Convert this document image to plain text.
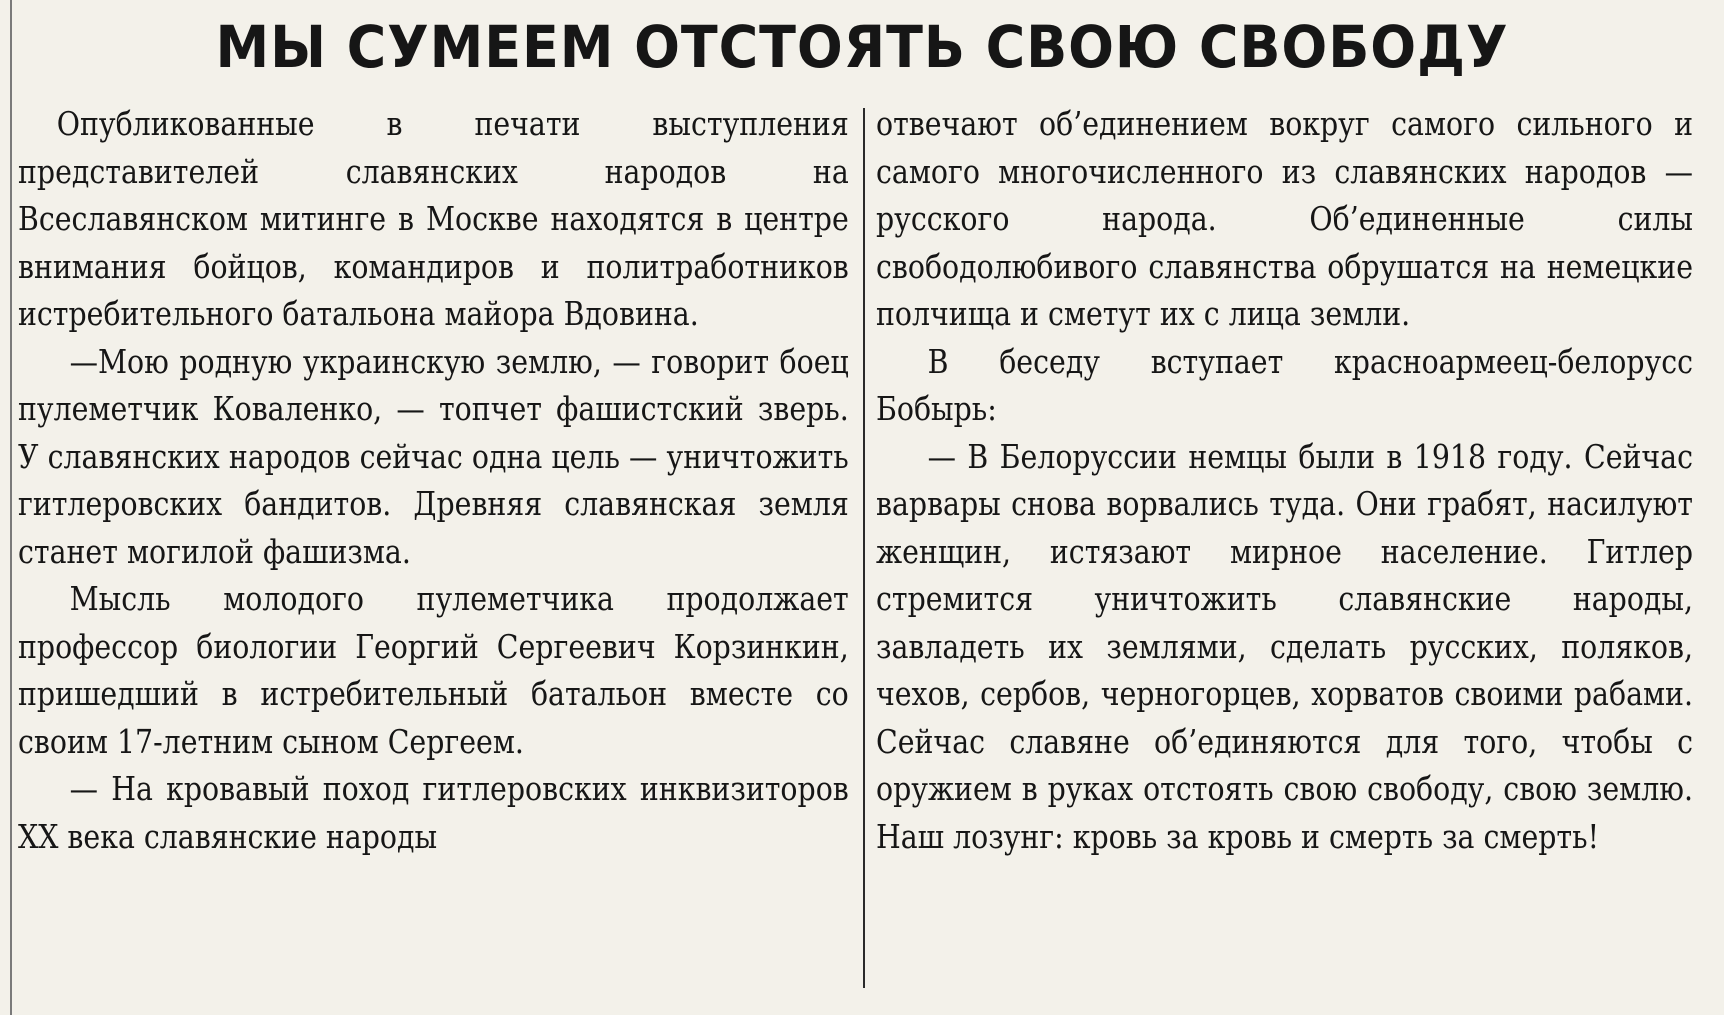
МЫ СУМЕЕМ ОТСТОЯТЬ СВОЮ СВОБОДУ

Опубликованные в печати выступления представителей славянских народов на Всеславянском митинге в Москве находятся в центре внимания бойцов, командиров и политработников истребительного батальона майора Вдовина.

—Мою родную украинскую землю, — говорит боец пулеметчик Коваленко, — топчет фашистский зверь. У славянских народов сейчас одна цель — уничтожить гитлеровских бандитов. Древняя славянская земля станет могилой фашизма.

Мысль молодого пулеметчика продолжает профессор биологии Георгий Сергеевич Корзинкин, пришедший в истребительный батальон вместе со своим 17-летним сыном Сергеем.

— На кровавый поход гитлеровских инквизиторов XX века славянские народы

отвечают об’единением вокруг самого сильного и самого многочисленного из славянских народов — русского народа. Об’единенные силы свободолюбивого славянства обрушатся на немецкие полчища и сметут их с лица земли.

В беседу вступает красноармеец-белорусс Бобырь:

— В Белоруссии немцы были в 1918 году. Сейчас варвары снова ворвались туда. Они грабят, насилуют женщин, истязают мирное население. Гитлер стремится уничтожить славянские народы, завладеть их землями, сделать русских, поляков, чехов, сербов, черногорцев, хорватов своими рабами. Сейчас славяне об’единяются для того, чтобы с оружием в руках отстоять свою свободу, свою землю. Наш лозунг: кровь за кровь и смерть за смерть!
